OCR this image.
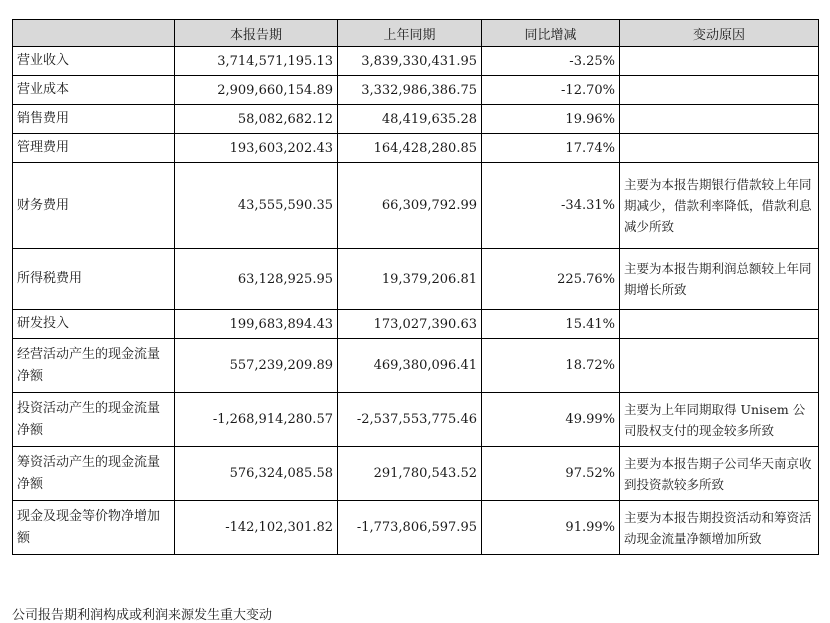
	本报告期	上年同期	同比增减	变动原因
营业收入	3,714,571,195.13	3,839,330,431.95	-3.25%	
营业成本	2,909,660,154.89	3,332,986,386.75	-12.70%	
销售费用	58,082,682.12	48,419,635.28	19.96%	
管理费用	193,603,202.43	164,428,280.85	17.74%	
财务费用	43,555,590.35	66,309,792.99	-34.31%	主要为本报告期银行借款较上年同期减少，借款利率降低，借款利息减少所致
所得税费用	63,128,925.95	19,379,206.81	225.76%	主要为本报告期利润总额较上年同期增长所致
研发投入	199,683,894.43	173,027,390.63	15.41%	
经营活动产生的现金流量净额	557,239,209.89	469,380,096.41	18.72%	
投资活动产生的现金流量净额	-1,268,914,280.57	-2,537,553,775.46	49.99%	主要为上年同期取得 Unisem 公司股权支付的现金较多所致
筹资活动产生的现金流量净额	576,324,085.58	291,780,543.52	97.52%	主要为本报告期子公司华天南京收到投资款较多所致
现金及现金等价物净增加额	-142,102,301.82	-1,773,806,597.95	91.99%	主要为本报告期投资活动和筹资活动现金流量净额增加所致
公司报告期利润构成或利润来源发生重大变动
